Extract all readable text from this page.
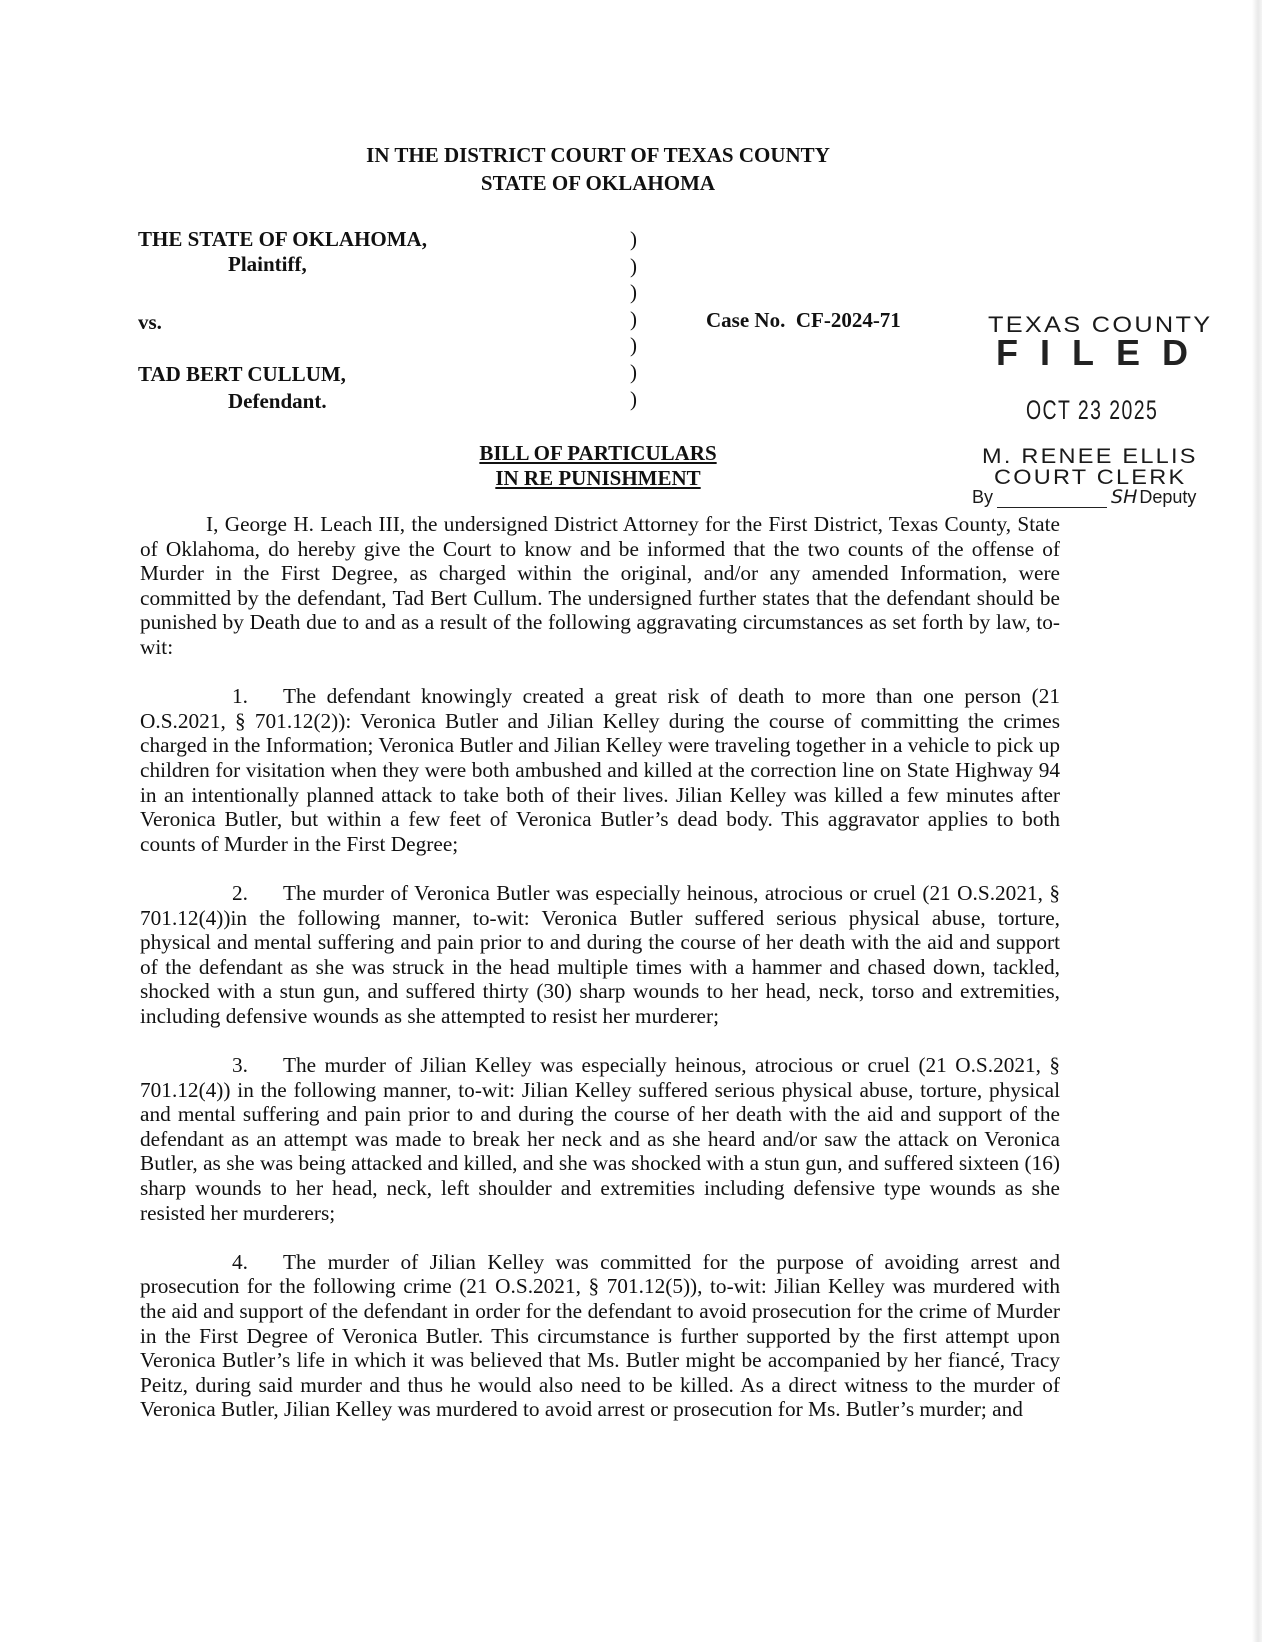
IN THE DISTRICT COURT OF TEXAS COUNTY
STATE OF OKLAHOMA
THE STATE OF OKLAHOMA,
Plaintiff,
vs.
TAD BERT CULLUM,
Defendant.
)
)
)
)
)
)
)
Case No. CF-2024-71	TEXAS COUNTY
FILED
OCT 23 2025
M. RENEE ELLIS
COURT CLERK
By	SH Deputy
BILL OF PARTICULARS
IN RE PUNISHMENT

I, George H. Leach III, the undersigned District Attorney for the First District, Texas County, State of Oklahoma, do hereby give the Court to know and be informed that the two counts of the offense of Murder in the First Degree, as charged within the original, and/or any amended Information, were committed by the defendant, Tad Bert Cullum. The undersigned further states that the defendant should be punished by Death due to and as a result of the following aggravating circumstances as set forth by law, to-wit:

1. The defendant knowingly created a great risk of death to more than one person (21 O.S.2021, § 701.12(2)): Veronica Butler and Jilian Kelley during the course of committing the crimes charged in the Information; Veronica Butler and Jilian Kelley were traveling together in a vehicle to pick up children for visitation when they were both ambushed and killed at the correction line on State Highway 94 in an intentionally planned attack to take both of their lives. Jilian Kelley was killed a few minutes after Veronica Butler, but within a few feet of Veronica Butler’s dead body. This aggravator applies to both counts of Murder in the First Degree;

2. The murder of Veronica Butler was especially heinous, atrocious or cruel (21 O.S.2021, § 701.12(4))in the following manner, to-wit: Veronica Butler suffered serious physical abuse, torture, physical and mental suffering and pain prior to and during the course of her death with the aid and support of the defendant as she was struck in the head multiple times with a hammer and chased down, tackled, shocked with a stun gun, and suffered thirty (30) sharp wounds to her head, neck, torso and extremities, including defensive wounds as she attempted to resist her murderer;

3. The murder of Jilian Kelley was especially heinous, atrocious or cruel (21 O.S.2021, § 701.12(4)) in the following manner, to-wit: Jilian Kelley suffered serious physical abuse, torture, physical and mental suffering and pain prior to and during the course of her death with the aid and support of the defendant as an attempt was made to break her neck and as she heard and/or saw the attack on Veronica Butler, as she was being attacked and killed, and she was shocked with a stun gun, and suffered sixteen (16) sharp wounds to her head, neck, left shoulder and extremities including defensive type wounds as she resisted her murderers;

4. The murder of Jilian Kelley was committed for the purpose of avoiding arrest and prosecution for the following crime (21 O.S.2021, § 701.12(5)), to-wit: Jilian Kelley was murdered with the aid and support of the defendant in order for the defendant to avoid prosecution for the crime of Murder in the First Degree of Veronica Butler. This circumstance is further supported by the first attempt upon Veronica Butler’s life in which it was believed that Ms. Butler might be accompanied by her fiancé, Tracy Peitz, during said murder and thus he would also need to be killed. As a direct witness to the murder of Veronica Butler, Jilian Kelley was murdered to avoid arrest or prosecution for Ms. Butler’s murder; and
